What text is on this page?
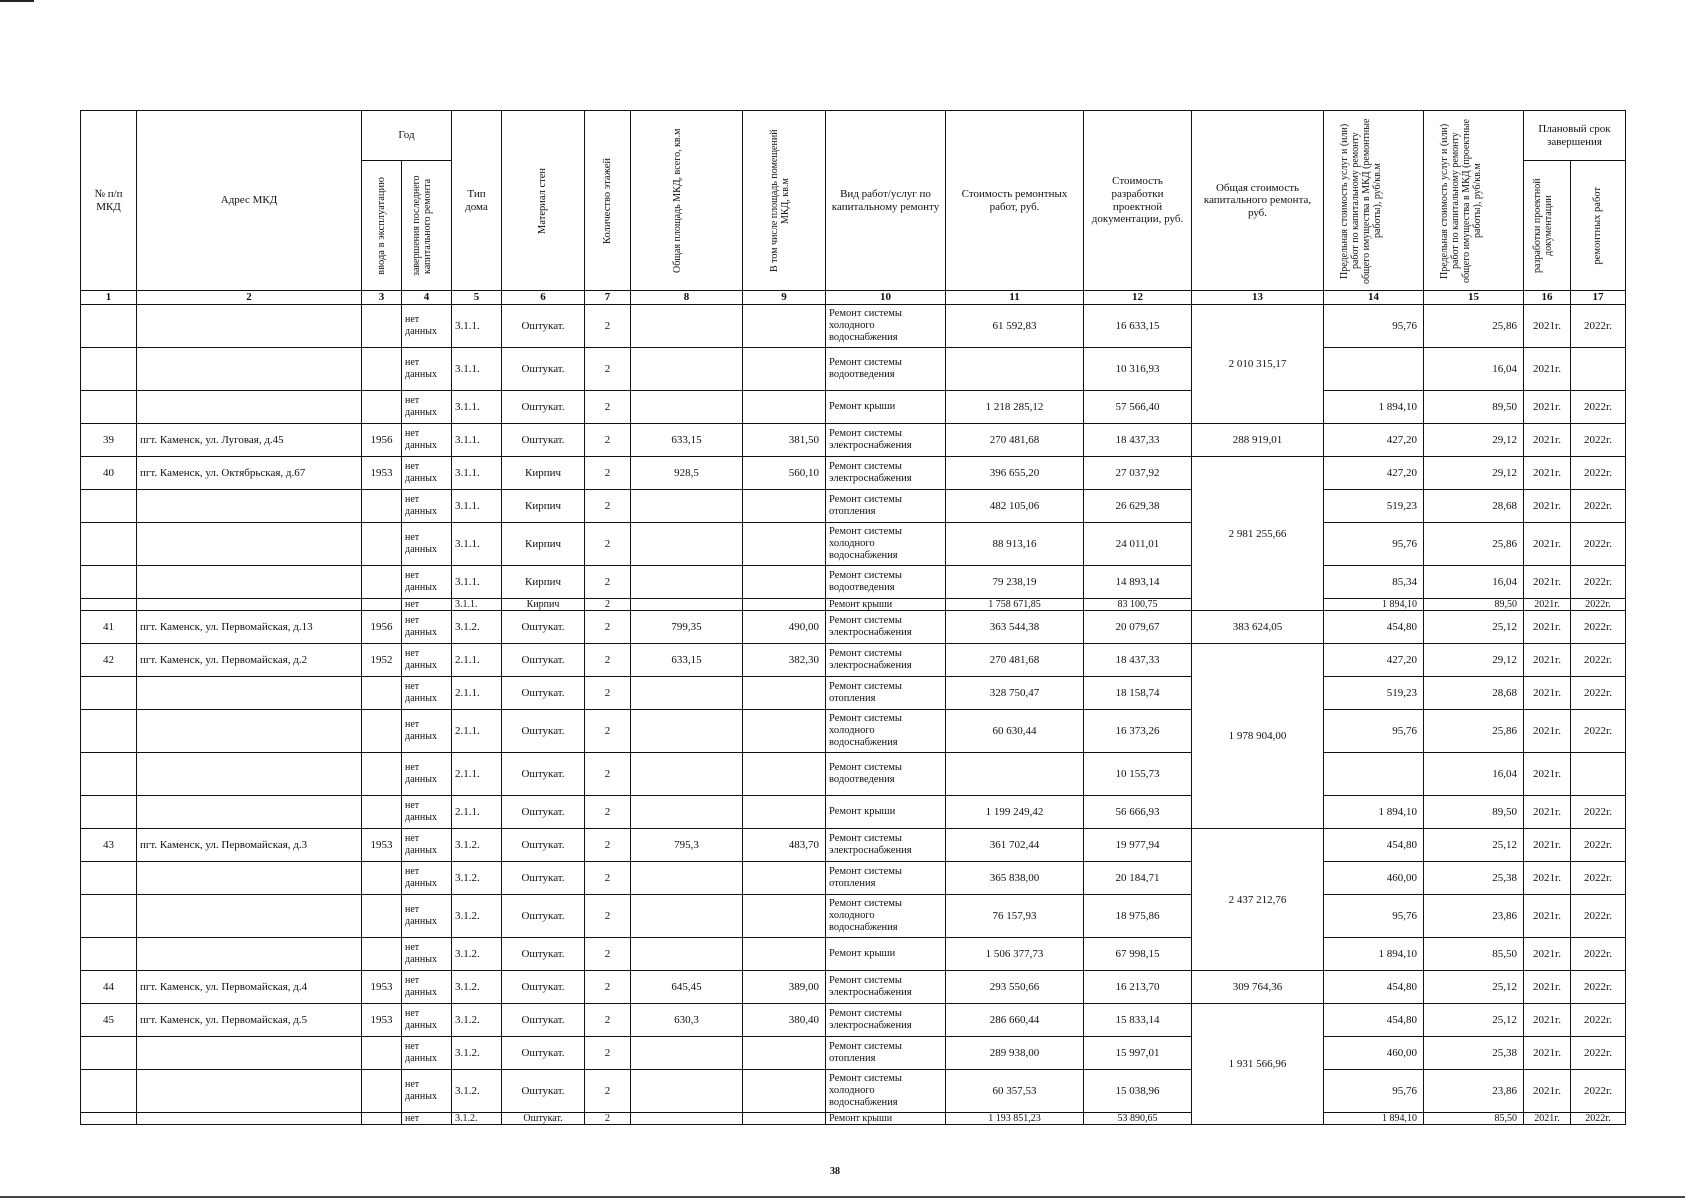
№ п/п МКД	Адрес МКД	Год		Тип дома	Материал стен	Количество этажей	Общая площадь МКД, всего, кв.м	В том числе площадь помещений МКД, кв.м	Вид работ/услуг по капитальному ремонту	Стоимость ремонтных работ, руб.	Стоимость разработки проектной документации, руб.	Общая стоимость капитального ремонта, руб.	Предельная стоимость услуг и (или) работ по капитальному ремонту общего имущества в МКД (ремонтные работы), руб/кв.м	Предельная стоимость услуг и (или) работ по капитальному ремонту общего имущества в МКД (проектные работы), руб/кв.м	Плановый срок завершения	

		ввода в эксплуатацию	завершения последнего капитального ремонта												разработки проектной документации	ремонтных работ

1	2	3	4	5	6	7	8	9	10	11	12	13	14	15	16	17
			нет данных	3.1.1.	Оштукат.	2			Ремонт системы холодного водоснабжения	61 592,83	16 633,15	2 010 315,17	95,76	25,86	2021г.	2022г.
			нет данных	3.1.1.	Оштукат.	2			Ремонт системы водоотведения		10 316,93			16,04	2021г.	
			нет данных	3.1.1.	Оштукат.	2			Ремонт крыши	1 218 285,12	57 566,40		1 894,10	89,50	2021г.	2022г.
39	пгт. Каменск, ул. Луговая, д.45	1956	нет данных	3.1.1.	Оштукат.	2	633,15	381,50	Ремонт системы электроснабжения	270 481,68	18 437,33	288 919,01	427,20	29,12	2021г.	2022г.
40	пгт. Каменск, ул. Октябрьская, д.67	1953	нет данных	3.1.1.	Кирпич	2	928,5	560,10	Ремонт системы электроснабжения	396 655,20	27 037,92	2 981 255,66	427,20	29,12	2021г.	2022г.
			нет данных	3.1.1.	Кирпич	2			Ремонт системы отопления	482 105,06	26 629,38		519,23	28,68	2021г.	2022г.
			нет данных	3.1.1.	Кирпич	2			Ремонт системы холодного водоснабжения	88 913,16	24 011,01		95,76	25,86	2021г.	2022г.
			нет данных	3.1.1.	Кирпич	2			Ремонт системы водоотведения	79 238,19	14 893,14		85,34	16,04	2021г.	2022г.
			нет	3.1.1.	Кирпич	2			Ремонт крыши	1 758 671,85	83 100,75		1 894,10	89,50	2021г.	2022г.
41	пгт. Каменск, ул. Первомайская, д.13	1956	нет данных	3.1.2.	Оштукат.	2	799,35	490,00	Ремонт системы электроснабжения	363 544,38	20 079,67	383 624,05	454,80	25,12	2021г.	2022г.
42	пгт. Каменск, ул. Первомайская, д.2	1952	нет данных	2.1.1.	Оштукат.	2	633,15	382,30	Ремонт системы электроснабжения	270 481,68	18 437,33	1 978 904,00	427,20	29,12	2021г.	2022г.
			нет данных	2.1.1.	Оштукат.	2			Ремонт системы отопления	328 750,47	18 158,74		519,23	28,68	2021г.	2022г.
			нет данных	2.1.1.	Оштукат.	2			Ремонт системы холодного водоснабжения	60 630,44	16 373,26		95,76	25,86	2021г.	2022г.
			нет данных	2.1.1.	Оштукат.	2			Ремонт системы водоотведения		10 155,73			16,04	2021г.	
			нет данных	2.1.1.	Оштукат.	2			Ремонт крыши	1 199 249,42	56 666,93		1 894,10	89,50	2021г.	2022г.
43	пгт. Каменск, ул. Первомайская, д.3	1953	нет данных	3.1.2.	Оштукат.	2	795,3	483,70	Ремонт системы электроснабжения	361 702,44	19 977,94	2 437 212,76	454,80	25,12	2021г.	2022г.
			нет данных	3.1.2.	Оштукат.	2			Ремонт системы отопления	365 838,00	20 184,71		460,00	25,38	2021г.	2022г.
			нет данных	3.1.2.	Оштукат.	2			Ремонт системы холодного водоснабжения	76 157,93	18 975,86		95,76	23,86	2021г.	2022г.
			нет данных	3.1.2.	Оштукат.	2			Ремонт крыши	1 506 377,73	67 998,15		1 894,10	85,50	2021г.	2022г.
44	пгт. Каменск, ул. Первомайская, д.4	1953	нет данных	3.1.2.	Оштукат.	2	645,45	389,00	Ремонт системы электроснабжения	293 550,66	16 213,70	309 764,36	454,80	25,12	2021г.	2022г.
45	пгт. Каменск, ул. Первомайская, д.5	1953	нет данных	3.1.2.	Оштукат.	2	630,3	380,40	Ремонт системы электроснабжения	286 660,44	15 833,14	1 931 566,96	454,80	25,12	2021г.	2022г.
			нет данных	3.1.2.	Оштукат.	2			Ремонт системы отопления	289 938,00	15 997,01		460,00	25,38	2021г.	2022г.
			нет данных	3.1.2.	Оштукат.	2			Ремонт системы холодного водоснабжения	60 357,53	15 038,96		95,76	23,86	2021г.	2022г.
			нет	3.1.2.	Оштукат.	2			Ремонт крыши	1 193 851,23	53 890,65		1 894,10	85,50	2021г.	2022г.
38
